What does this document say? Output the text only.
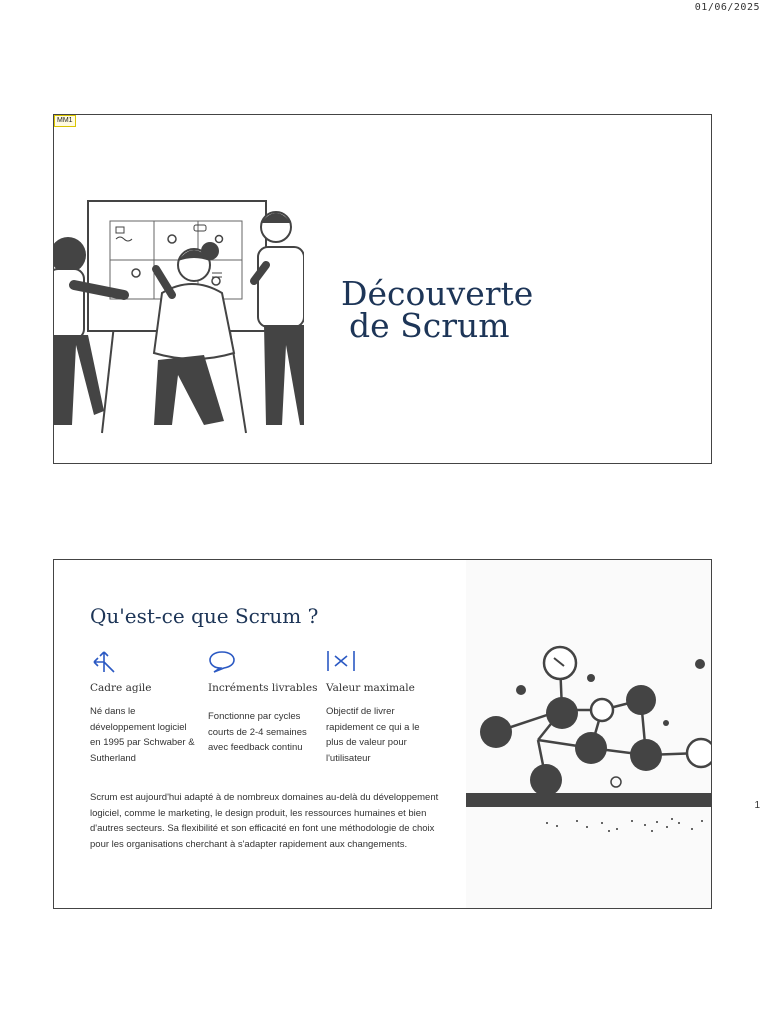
01/06/2025
1
MM1
Découverte
de Scrum
Qu'est-ce que Scrum ?
Cadre agile
Né dans le développement logiciel en 1995 par Schwaber & Sutherland
Incréments livrables
Fonctionne par cycles courts de 2-4 semaines avec feedback continu
Valeur maximale
Objectif de livrer rapidement ce qui a le plus de valeur pour l'utilisateur
Scrum est aujourd'hui adapté à de nombreux domaines au-delà du développement logiciel, comme le marketing, le design produit, les ressources humaines et bien d'autres secteurs. Sa flexibilité et son efficacité en font une méthodologie de choix pour les organisations cherchant à s'adapter rapidement aux changements.
